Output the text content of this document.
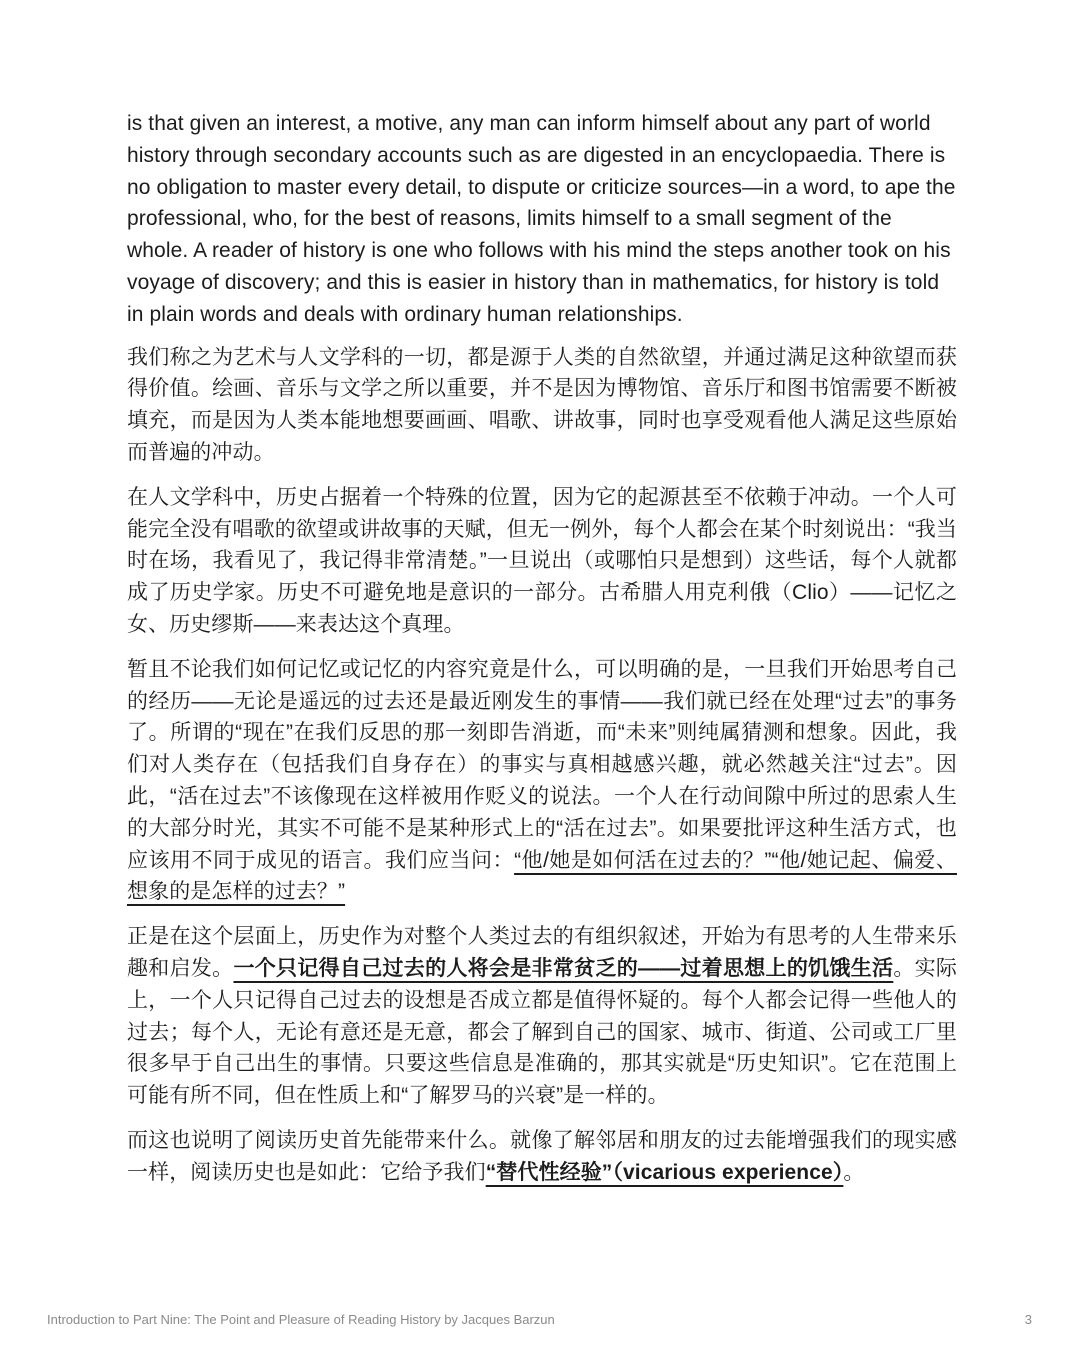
is that given an interest, a motive, any man can inform himself about any part of world history through secondary accounts such as are digested in an encyclopaedia. There is no obligation to master every detail, to dispute or criticize sources—in a word, to ape the professional, who, for the best of reasons, limits himself to a small segment of the whole. A reader of history is one who follows with his mind the steps another took on his voyage of discovery; and this is easier in history than in mathematics, for history is told in plain words and deals with ordinary human relationships.

我们称之为艺术与人文学科的一切，都是源于人类的自然欲望，并通过满足这种欲望而获得价值。绘画、音乐与文学之所以重要，并不是因为博物馆、音乐厅和图书馆需要不断被填充，而是因为人类本能地想要画画、唱歌、讲故事，同时也享受观看他人满足这些原始而普遍的冲动。

在人文学科中，历史占据着一个特殊的位置，因为它的起源甚至不依赖于冲动。一个人可能完全没有唱歌的欲望或讲故事的天赋，但无一例外，每个人都会在某个时刻说出：“我当时在场，我看见了，我记得非常清楚。”一旦说出（或哪怕只是想到）这些话，每个人就都成了历史学家。历史不可避免地是意识的一部分。古希腊人用克利俄（Clio）——记忆之女、历史缪斯——来表达这个真理。

暂且不论我们如何记忆或记忆的内容究竟是什么，可以明确的是，一旦我们开始思考自己的经历——无论是遥远的过去还是最近刚发生的事情——我们就已经在处理“过去”的事务了。所谓的“现在”在我们反思的那一刻即告消逝，而“未来”则纯属猜测和想象。因此，我们对人类存在（包括我们自身存在）的事实与真相越感兴趣，就必然越关注“过去”。因此，“活在过去”不该像现在这样被用作贬义的说法。一个人在行动间隙中所过的思索人生的大部分时光，其实不可能不是某种形式上的“活在过去”。如果要批评这种生活方式，也应该用不同于成见的语言。我们应当问：“他/她是如何活在过去的？”“他/她记起、偏爱、想象的是怎样的过去？”

正是在这个层面上，历史作为对整个人类过去的有组织叙述，开始为有思考的人生带来乐趣和启发。一个只记得自己过去的人将会是非常贫乏的——过着思想上的饥饿生活。实际上，一个人只记得自己过去的设想是否成立都是值得怀疑的。每个人都会记得一些他人的过去；每个人，无论有意还是无意，都会了解到自己的国家、城市、街道、公司或工厂里很多早于自己出生的事情。只要这些信息是准确的，那其实就是“历史知识”。它在范围上可能有所不同，但在性质上和“了解罗马的兴衰”是一样的。

而这也说明了阅读历史首先能带来什么。就像了解邻居和朋友的过去能增强我们的现实感一样，阅读历史也是如此：它给予我们“替代性经验”（vicarious experience）。

Introduction to Part Nine: The Point and Pleasure of Reading History by Jacques Barzun	3
